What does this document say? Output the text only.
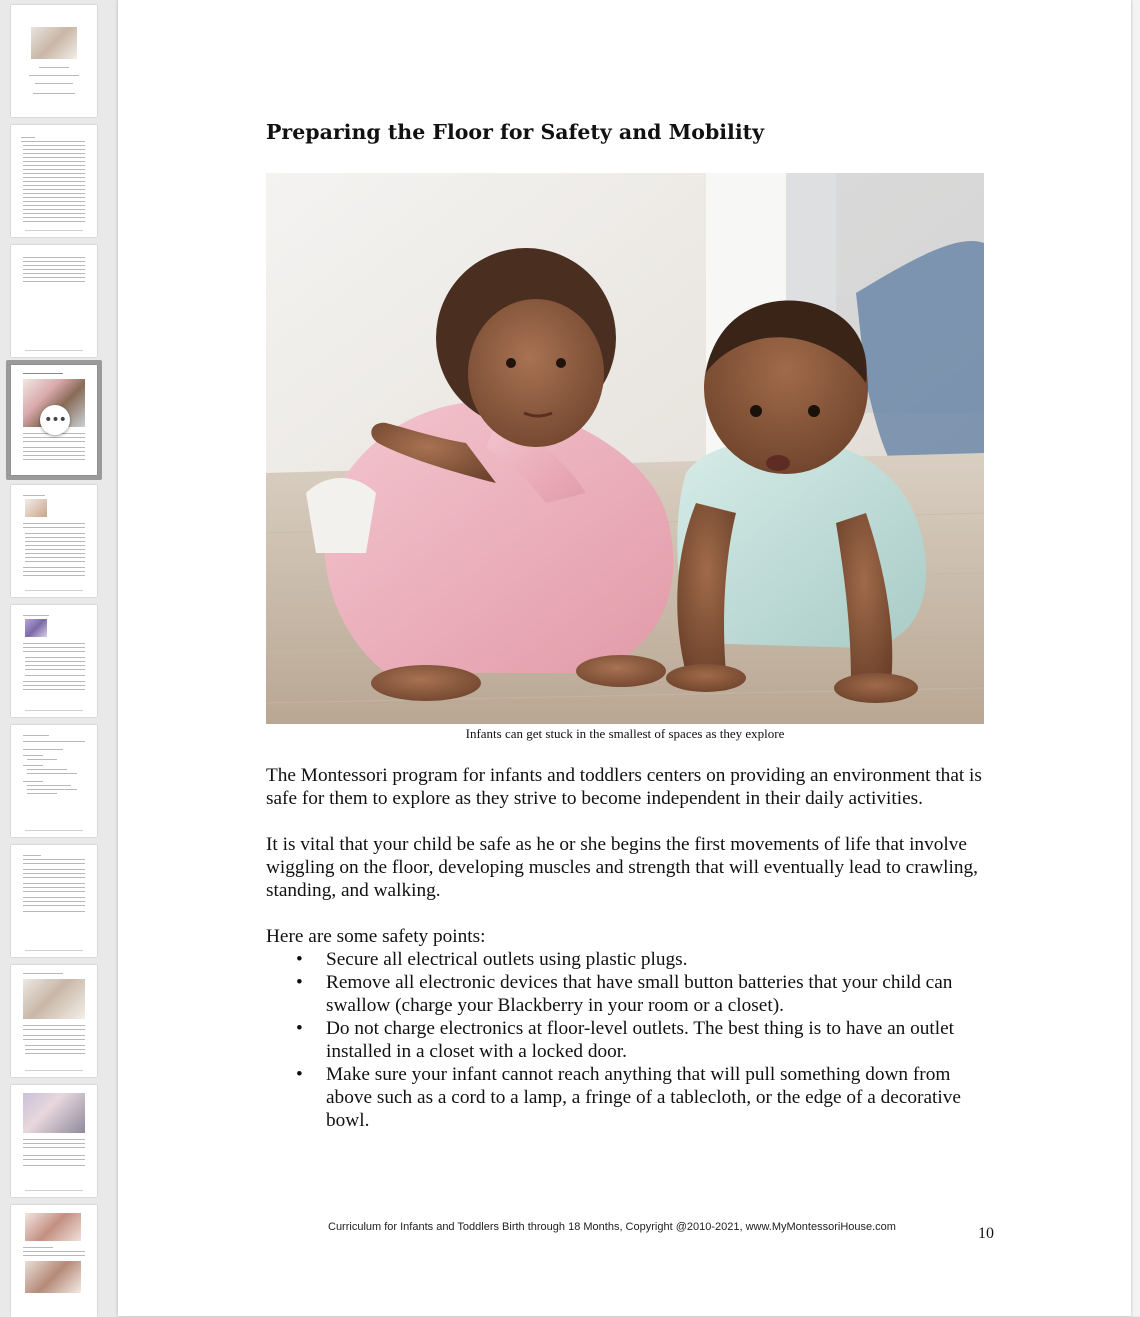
•••
Preparing the Floor for Safety and Mobility
Infants can get stuck in the smallest of spaces as they explore

The Montessori program for infants and toddlers centers on providing an environment that is safe for them to explore as they strive to become independent in their daily activities.

It is vital that your child be safe as he or she begins the first movements of life that involve wiggling on the floor, developing muscles and strength that will eventually lead to crawling, standing, and walking.

Here are some safety points:

• Secure all electrical outlets using plastic plugs.
• Remove all electronic devices that have small button batteries that your child can swallow (charge your Blackberry in your room or a closet).
• Do not charge electronics at floor-level outlets. The best thing is to have an outlet installed in a closet with a locked door.
• Make sure your infant cannot reach anything that will pull something down from above such as a cord to a lamp, a fringe of a tablecloth, or the edge of a decorative bowl.
Curriculum for Infants and Toddlers Birth through 18 Months, Copyright @2010-2021, www.MyMontessoriHouse.com	10
